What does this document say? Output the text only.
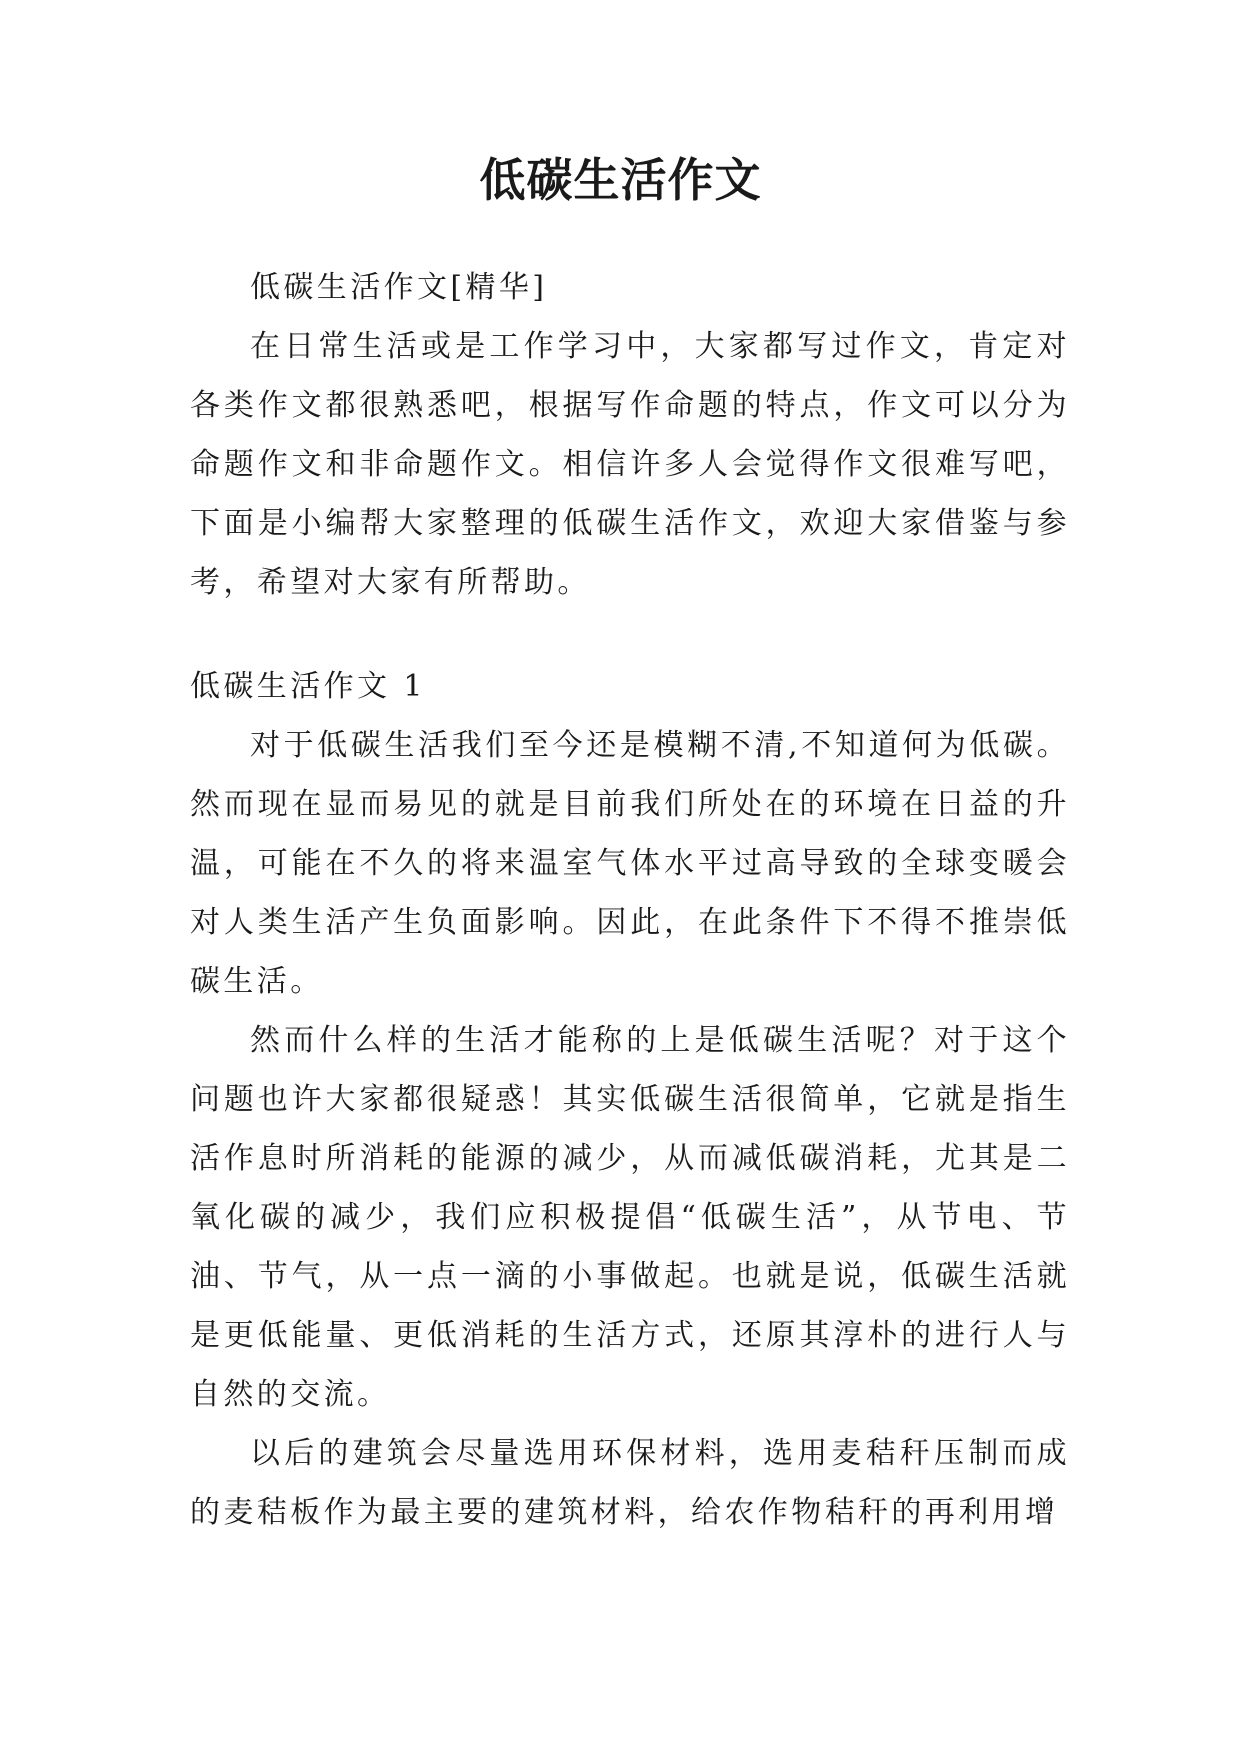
低碳生活作文

低碳生活作文[精华]

在日常生活或是工作学习中，大家都写过作文，肯定对各类作文都很熟悉吧，根据写作命题的特点，作文可以分为命题作文和非命题作文。相信许多人会觉得作文很难写吧，下面是小编帮大家整理的低碳生活作文，欢迎大家借鉴与参考，希望对大家有所帮助。

低碳生活作文 1

对于低碳生活我们至今还是模糊不清,不知道何为低碳。然而现在显而易见的就是目前我们所处在的环境在日益的升温，可能在不久的将来温室气体水平过高导致的全球变暖会对人类生活产生负面影响。因此，在此条件下不得不推崇低碳生活。

然而什么样的生活才能称的上是低碳生活呢？对于这个问题也许大家都很疑惑！其实低碳生活很简单，它就是指生活作息时所消耗的能源的减少，从而减低碳消耗，尤其是二氧化碳的减少，我们应积极提倡“低碳生活”，从节电、节油、节气，从一点一滴的小事做起。也就是说，低碳生活就是更低能量、更低消耗的生活方式，还原其淳朴的进行人与自然的交流。

以后的建筑会尽量选用环保材料，选用麦秸秆压制而成的麦秸板作为最主要的建筑材料，给农作物秸秆的再利用增
